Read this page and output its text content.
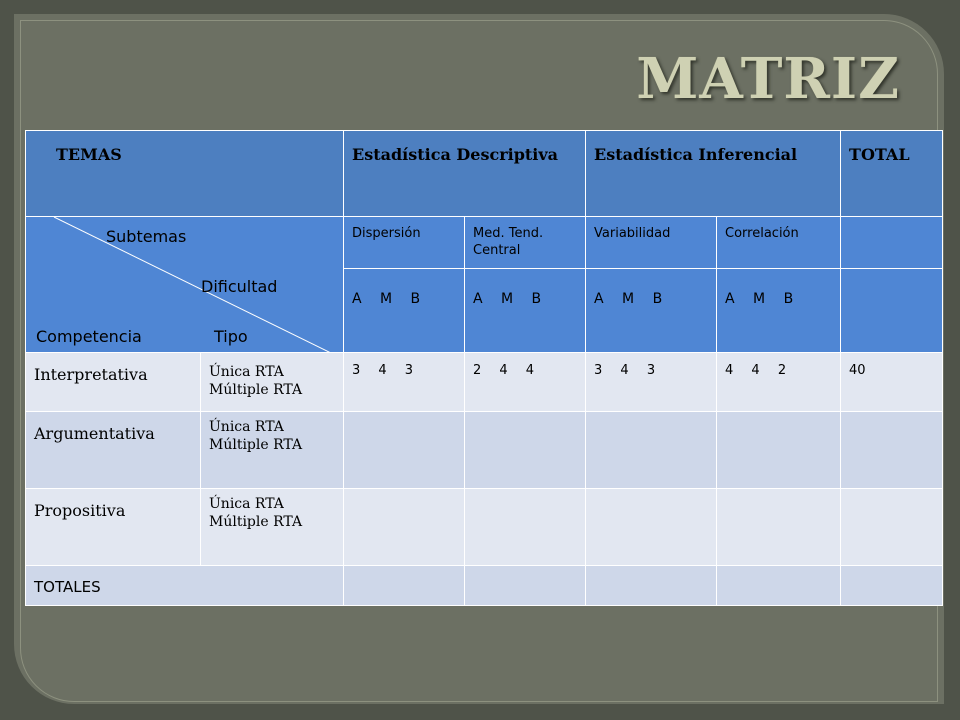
MATRIZ
TEMAS		Estadística Descriptiva		Estadística Inferencial		TOTAL

Subtemas
Dificultad
Competencia Tipo		Dispersión	Med. Tend. Central	Variabilidad	Correlación	

		A M B	A M B	A M B	A M B	

Interpretativa	Única RTA Múltiple RTA	3 4 3	2 4 4	3 4 3	4 4 2	40

Argumentativa	Única RTA Múltiple RTA					

Propositiva	Única RTA Múltiple RTA					

TOTALES						
